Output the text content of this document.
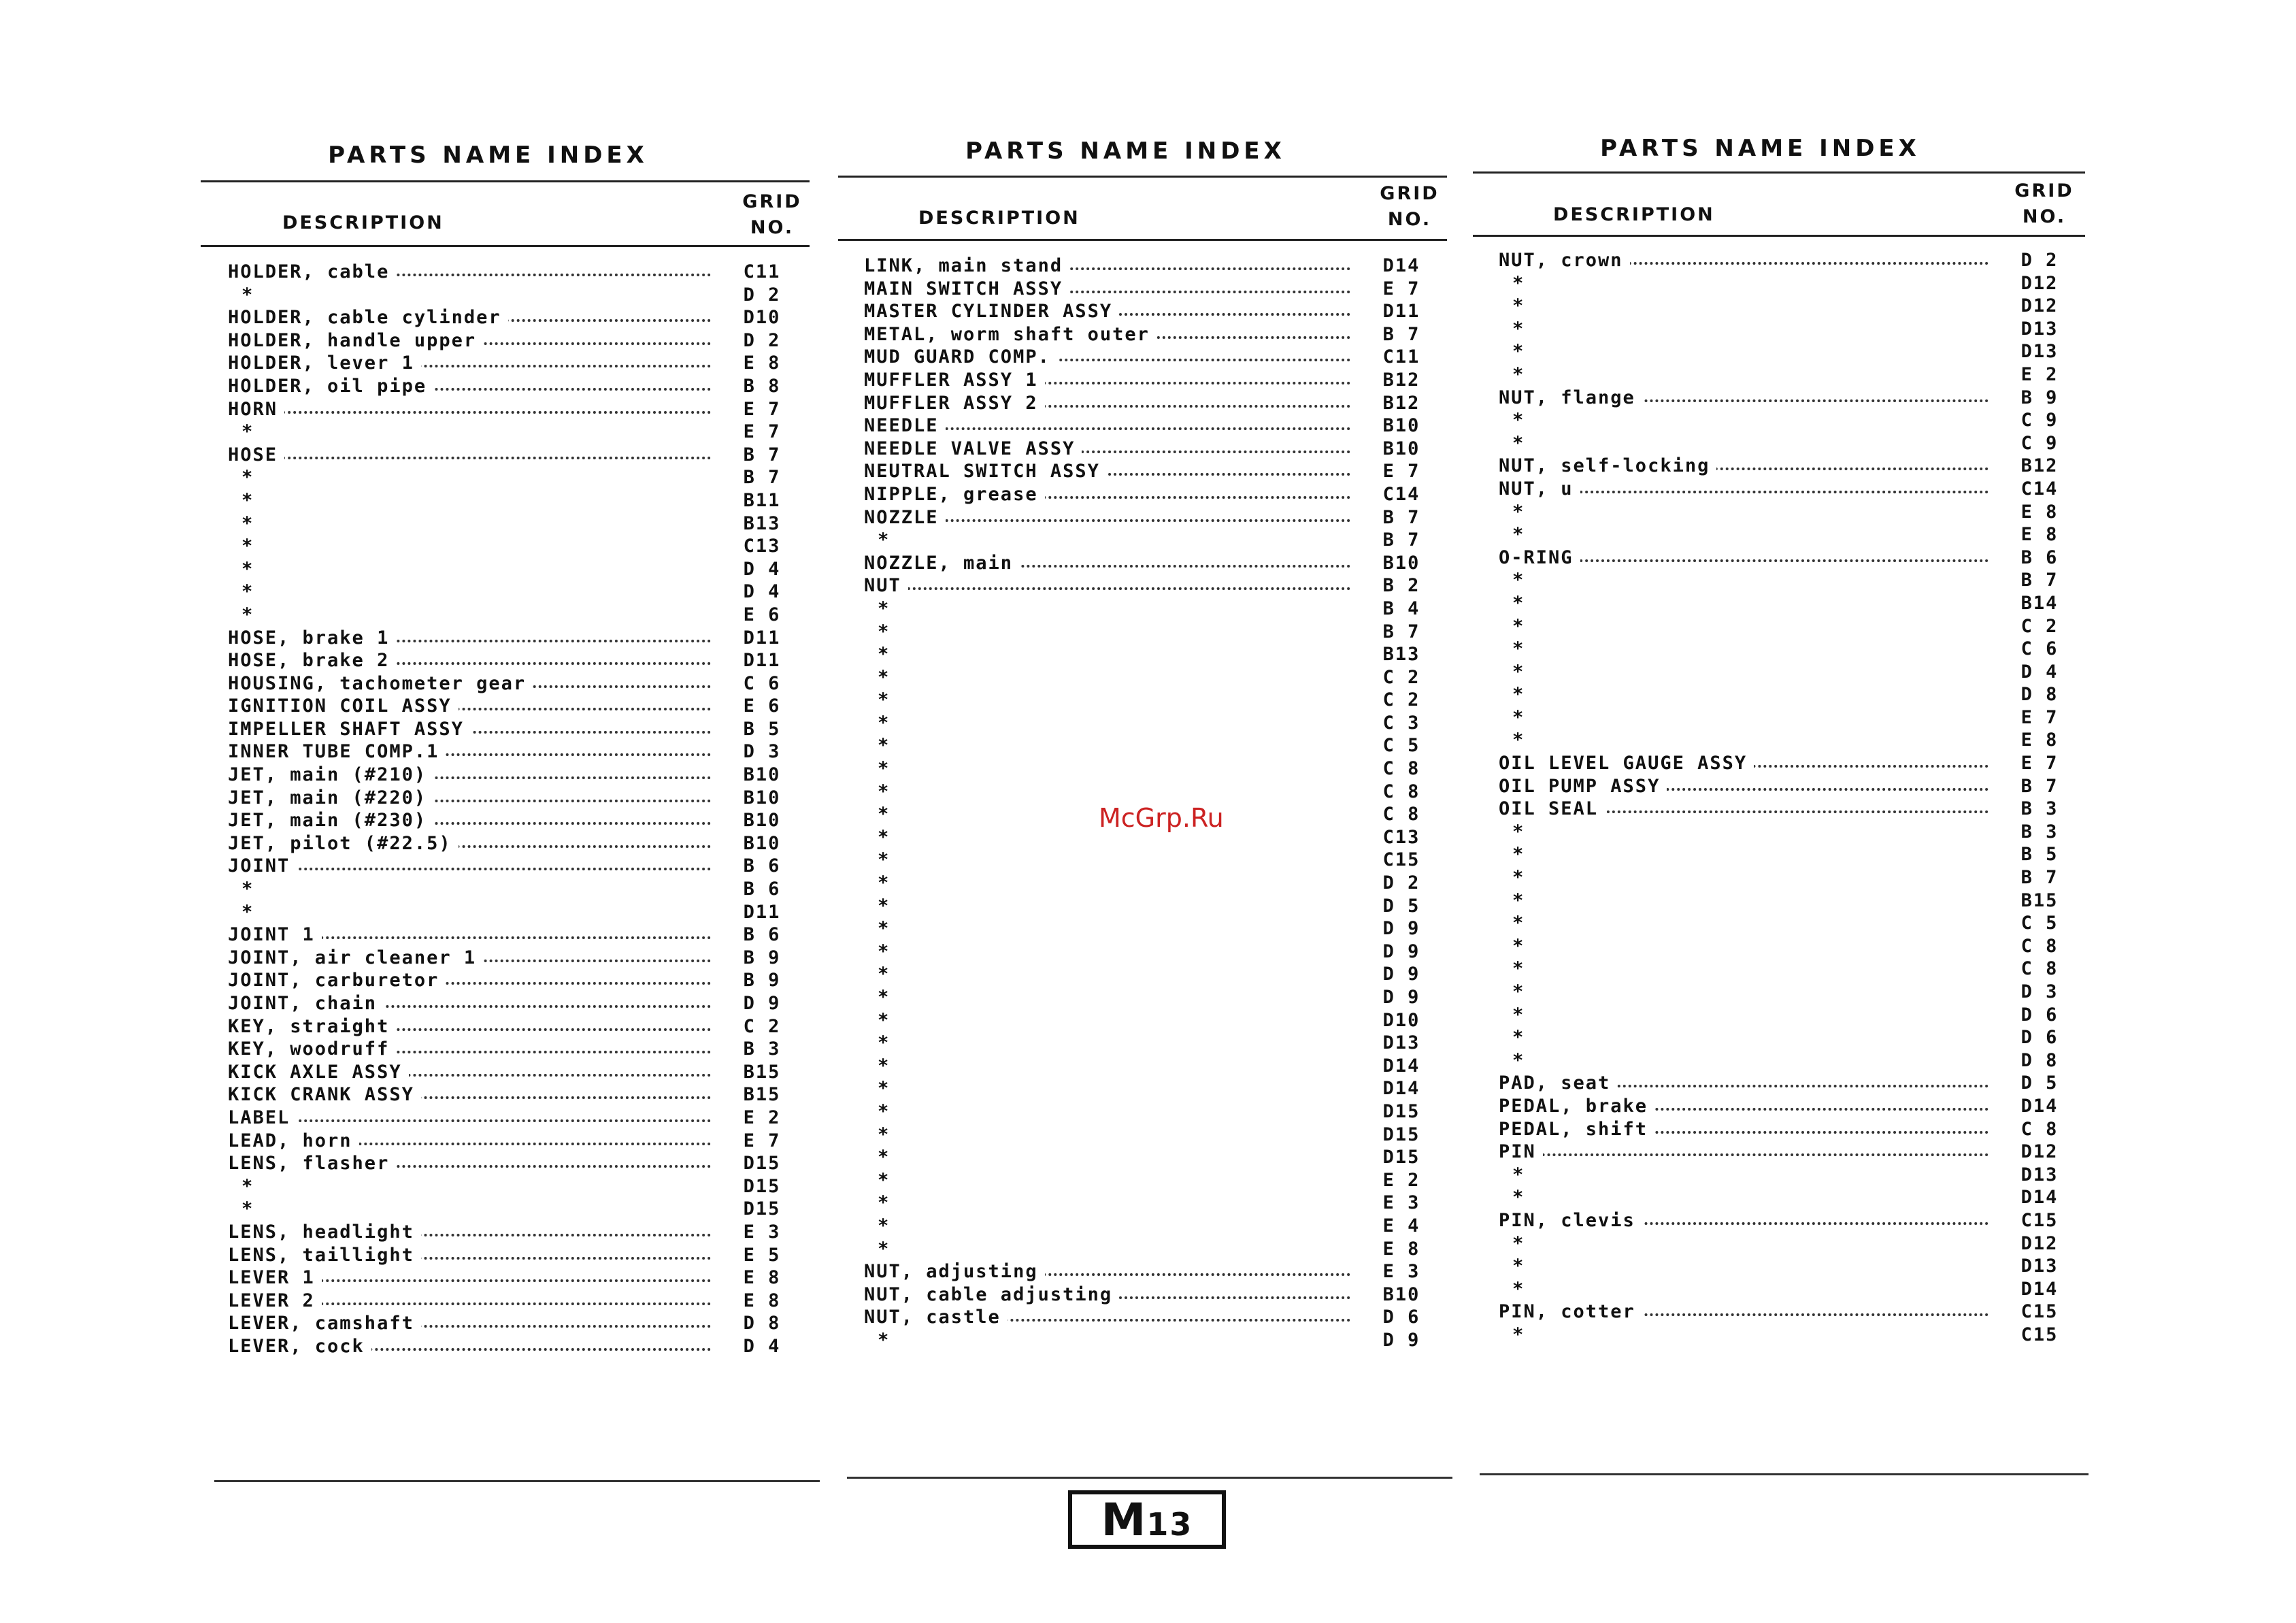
PARTS NAME INDEX
DESCRIPTION
GRID
NO.
HOLDER, cable	C11
*	D 2
HOLDER, cable cylinder	D10
HOLDER, handle upper	D 2
HOLDER, lever 1	E 8
HOLDER, oil pipe	B 8
HORN	E 7
*	E 7
HOSE	B 7
*	B 7
*	B11
*	B13
*	C13
*	D 4
*	D 4
*	E 6
HOSE, brake 1	D11
HOSE, brake 2	D11
HOUSING, tachometer gear	C 6
IGNITION COIL ASSY	E 6
IMPELLER SHAFT ASSY	B 5
INNER TUBE COMP.1	D 3
JET, main (#210)	B10
JET, main (#220)	B10
JET, main (#230)	B10
JET, pilot (#22.5)	B10
JOINT	B 6
*	B 6
*	D11
JOINT 1	B 6
JOINT, air cleaner 1	B 9
JOINT, carburetor	B 9
JOINT, chain	D 9
KEY, straight	C 2
KEY, woodruff	B 3
KICK AXLE ASSY	B15
KICK CRANK ASSY	B15
LABEL	E 2
LEAD, horn	E 7
LENS, flasher	D15
*	D15
*	D15
LENS, headlight	E 3
LENS, taillight	E 5
LEVER 1	E 8
LEVER 2	E 8
LEVER, camshaft	D 8
LEVER, cock	D 4
PARTS NAME INDEX
DESCRIPTION
GRID
NO.
LINK, main stand	D14
MAIN SWITCH ASSY	E 7
MASTER CYLINDER ASSY	D11
METAL, worm shaft outer	B 7
MUD GUARD COMP.	C11
MUFFLER ASSY 1	B12
MUFFLER ASSY 2	B12
NEEDLE	B10
NEEDLE VALVE ASSY	B10
NEUTRAL SWITCH ASSY	E 7
NIPPLE, grease	C14
NOZZLE	B 7
*	B 7
NOZZLE, main	B10
NUT	B 2
*	B 4
*	B 7
*	B13
*	C 2
*	C 2
*	C 3
*	C 5
*	C 8
*	C 8
*	C 8
*	C13
*	C15
*	D 2
*	D 5
*	D 9
*	D 9
*	D 9
*	D 9
*	D10
*	D13
*	D14
*	D14
*	D15
*	D15
*	D15
*	E 2
*	E 3
*	E 4
*	E 8
NUT, adjusting	E 3
NUT, cable adjusting	B10
NUT, castle	D 6
*	D 9
PARTS NAME INDEX
DESCRIPTION
GRID
NO.
NUT, crown	D 2
*	D12
*	D12
*	D13
*	D13
*	E 2
NUT, flange	B 9
*	C 9
*	C 9
NUT, self-locking	B12
NUT, u	C14
*	E 8
*	E 8
O-RING	B 6
*	B 7
*	B14
*	C 2
*	C 6
*	D 4
*	D 8
*	E 7
*	E 8
OIL LEVEL GAUGE ASSY	E 7
OIL PUMP ASSY	B 7
OIL SEAL	B 3
*	B 3
*	B 5
*	B 7
*	B15
*	C 5
*	C 8
*	C 8
*	D 3
*	D 6
*	D 6
*	D 8
PAD, seat	D 5
PEDAL, brake	D14
PEDAL, shift	C 8
PIN	D12
*	D13
*	D14
PIN, clevis	C15
*	D12
*	D13
*	D14
PIN, cotter	C15
*	C15
M13
McGrp.Ru
